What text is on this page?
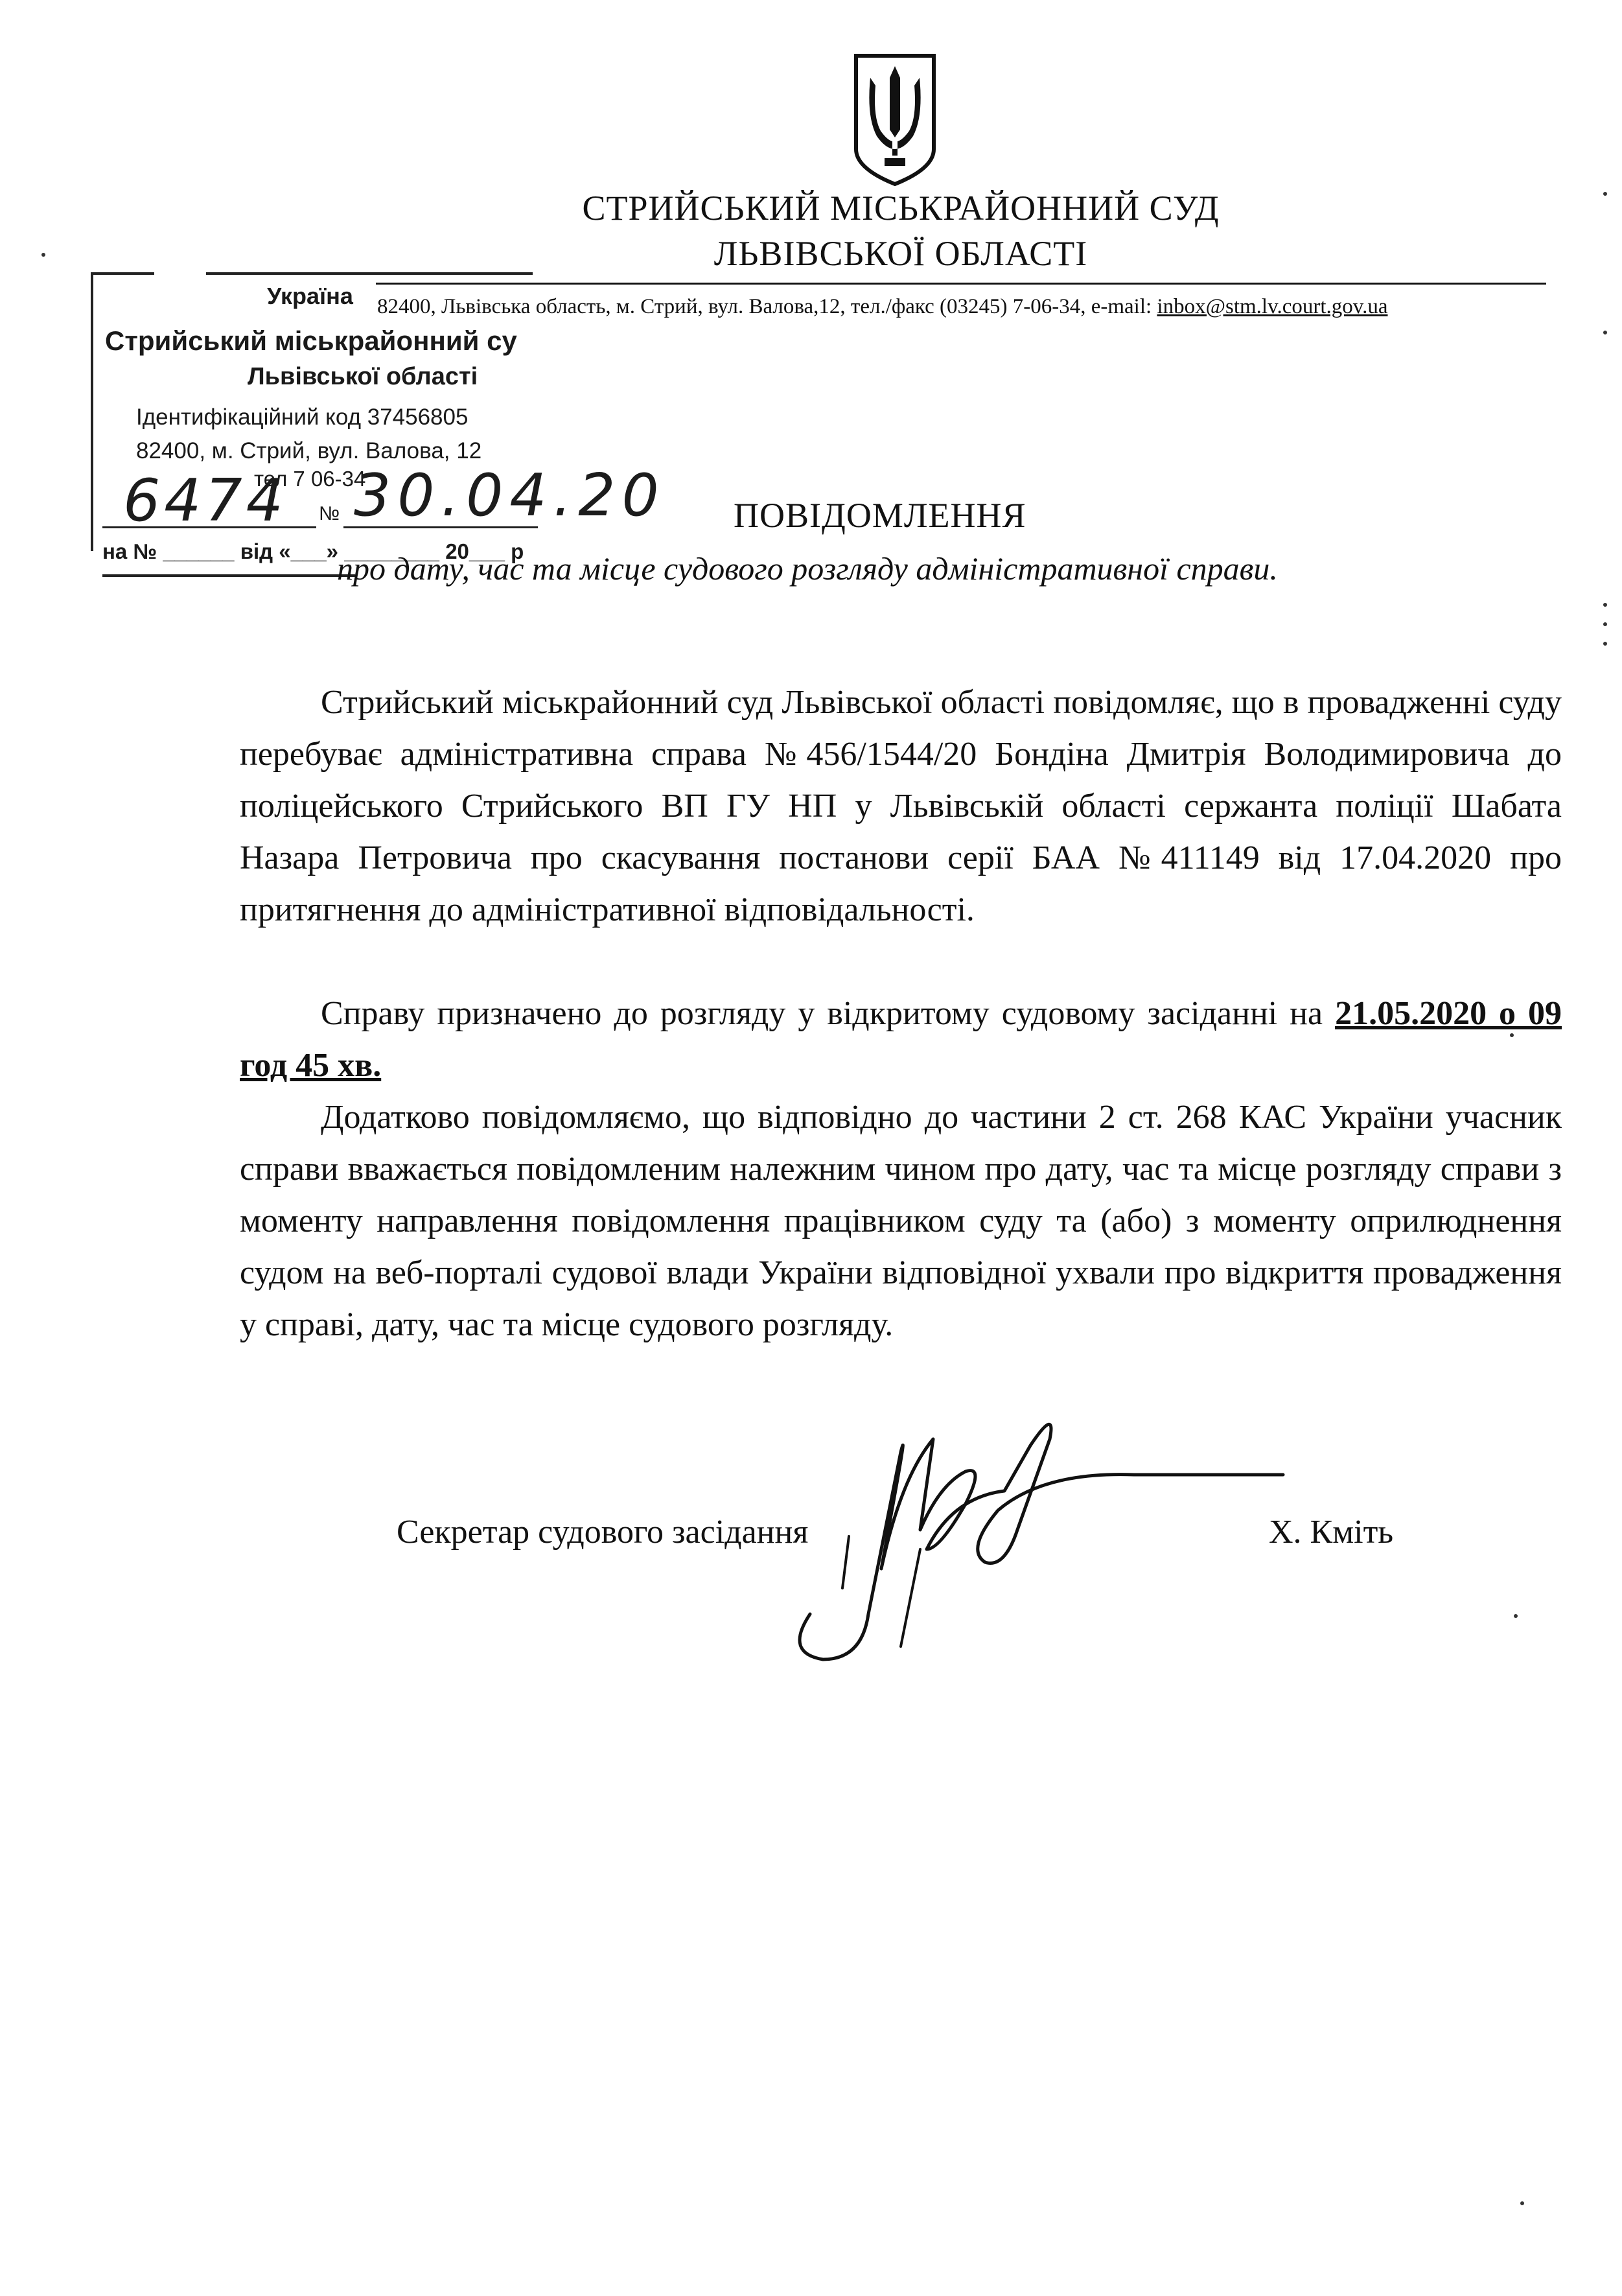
СТРИЙСЬКИЙ МІСЬКРАЙОННИЙ СУД
ЛЬВІВСЬКОЇ ОБЛАСТІ
82400, Львівська область, м. Стрий, вул. Валова,12, тел./факс (03245) 7-06-34, e-mail: inbox@stm.lv.court.gov.ua
Україна
Стрийський міськрайонний су
Львівської області
Ідентифікаційний код 37456805
82400, м. Стрий, вул. Валова, 12
тел 7 06-34
№
на № ______ від «___» ________ 20___ р
6474 30.04.20 ПОВІДОМЛЕННЯ
про дату, час та місце судового розгляду адміністративної справи.
Стрийський міськрайонний суд Львівської області повідомляє, що в провадженні суду перебуває адміністративна справа №456/1544/20 Бондіна Дмитрія Володимировича до поліцейського Стрийського ВП ГУ НП у Львівській області сержанта поліції Шабата Назара Петровича про скасування постанови серії БАА №411149 від 17.04.2020 про притягнення до адміністративної відповідальності.
Справу призначено до розгляду у відкритому судовому засіданні на 21.05.2020 о 09 год 45 хв.
Додатково повідомляємо, що відповідно до частини 2 ст. 268 КАС України учасник справи вважається повідомленим належним чином про дату, час та місце розгляду справи з моменту направлення повідомлення працівником суду та (або) з моменту оприлюднення судом на веб-порталі судової влади України відповідної ухвали про відкриття провадження у справі, дату, час та місце судового розгляду.
Секретар судового засідання	Х. Кміть
